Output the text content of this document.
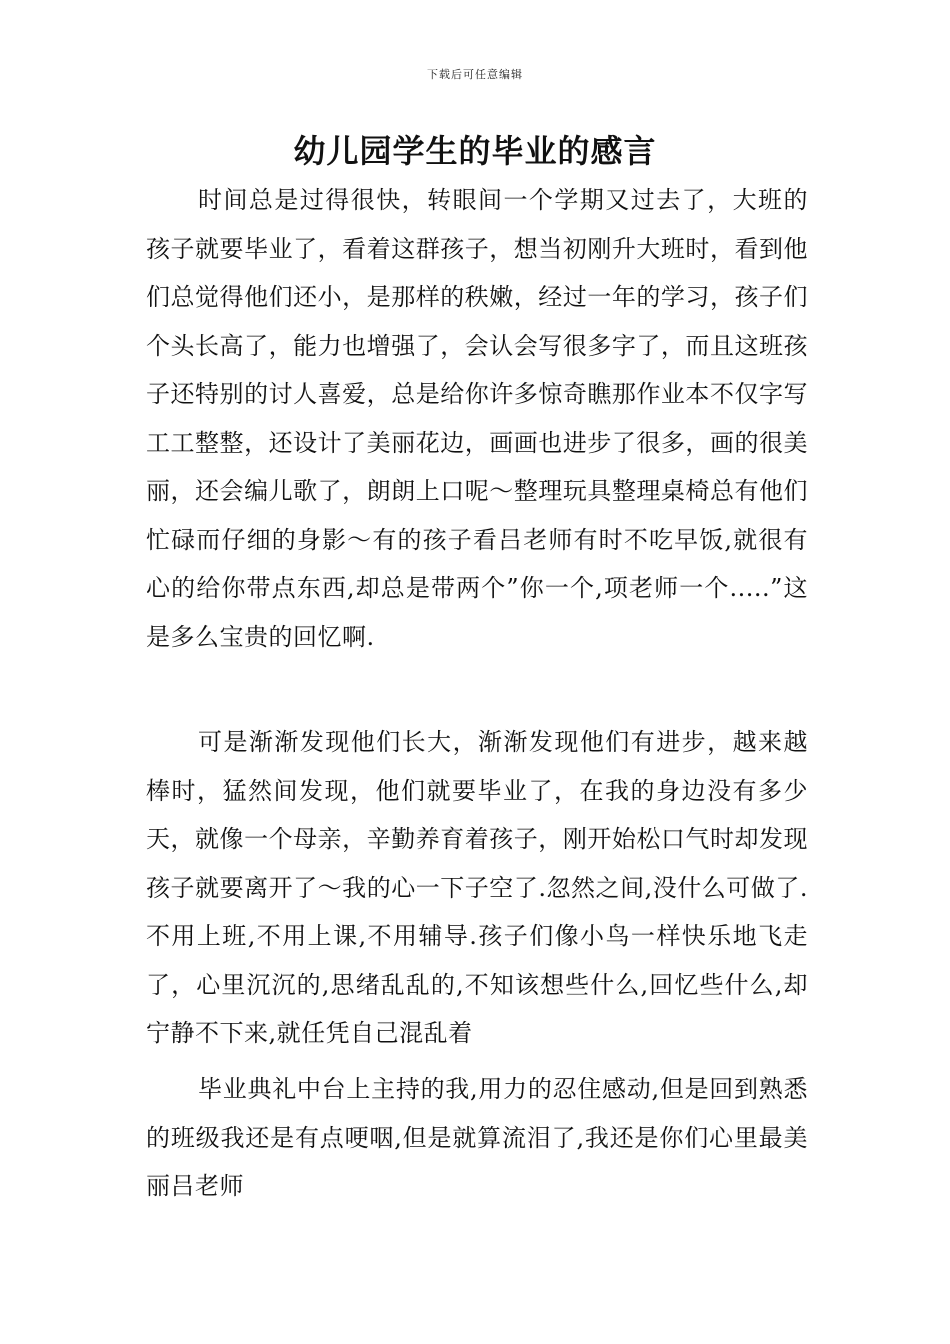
下载后可任意编辑
幼儿园学生的毕业的感言

时间总是过得很快，转眼间一个学期又过去了，大班的孩子就要毕业了，看着这群孩子，想当初刚升大班时，看到他们总觉得他们还小，是那样的秩嫩，经过一年的学习，孩子们个头长高了，能力也增强了，会认会写很多字了，而且这班孩子还特别的讨人喜爱，总是给你许多惊奇瞧那作业本不仅字写工工整整，还设计了美丽花边，画画也进步了很多，画的很美丽，还会编儿歌了，朗朗上口呢～整理玩具整理桌椅总有他们忙碌而仔细的身影～有的孩子看吕老师有时不吃早饭,就很有心的给你带点东西,却总是带两个”你一个,项老师一个.....”这是多么宝贵的回忆啊.

可是渐渐发现他们长大，渐渐发现他们有进步，越来越棒时，猛然间发现，他们就要毕业了，在我的身边没有多少天，就像一个母亲，辛勤养育着孩子，刚开始松口气时却发现孩子就要离开了～我的心一下子空了.忽然之间,没什么可做了.不用上班,不用上课,不用辅导.孩子们像小鸟一样快乐地飞走了，心里沉沉的,思绪乱乱的,不知该想些什么,回忆些什么,却宁静不下来,就任凭自己混乱着

毕业典礼中台上主持的我,用力的忍住感动,但是回到熟悉的班级我还是有点哽咽,但是就算流泪了,我还是你们心里最美丽吕老师
